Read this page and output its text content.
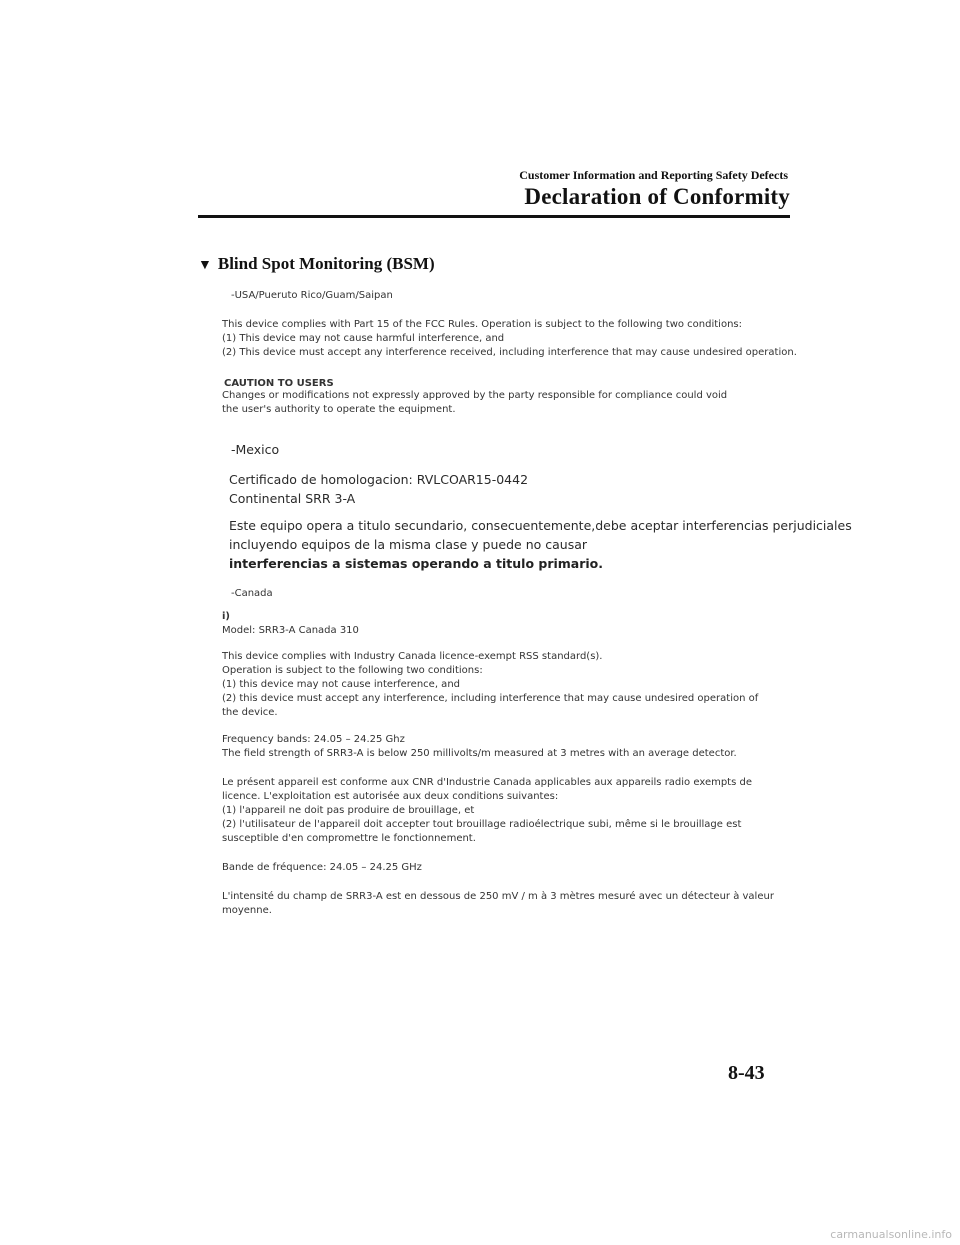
Customer Information and Reporting Safety Defects
Declaration of Conformity
▼ Blind Spot Monitoring (BSM)
-USA/Pueruto Rico/Guam/Saipan
This device complies with Part 15 of the FCC Rules. Operation is subject to the following two conditions:
(1) This device may not cause harmful interference, and
(2) This device must accept any interference received, including interference that may cause undesired operation.
CAUTION TO USERS
Changes or modifications not expressly approved by the party responsible for compliance could void
the user's authority to operate the equipment.
-Mexico
Certificado de homologacion: RVLCOAR15-0442
Continental SRR 3-A
Este equipo opera a titulo secundario, consecuentemente,debe aceptar interferencias perjudiciales
incluyendo equipos de la misma clase y puede no causar
interferencias a sistemas operando a titulo primario.
-Canada
i)
Model: SRR3-A Canada 310
This device complies with Industry Canada licence-exempt RSS standard(s).
Operation is subject to the following two conditions:
(1) this device may not cause interference, and
(2) this device must accept any interference, including interference that may cause undesired operation of
the device.
Frequency bands: 24.05 – 24.25 Ghz
The field strength of SRR3-A is below 250 millivolts/m measured at 3 metres with an average detector.
Le présent appareil est conforme aux CNR d'Industrie Canada applicables aux appareils radio exempts de
licence. L'exploitation est autorisée aux deux conditions suivantes:
(1) l'appareil ne doit pas produire de brouillage, et
(2) l'utilisateur de l'appareil doit accepter tout brouillage radioélectrique subi, même si le brouillage est
susceptible d'en compromettre le fonctionnement.
Bande de fréquence: 24.05 – 24.25 GHz
L'intensité du champ de SRR3-A est en dessous de 250 mV / m à 3 mètres mesuré avec un détecteur à valeur
moyenne.
8-43
carmanualsonline.info
